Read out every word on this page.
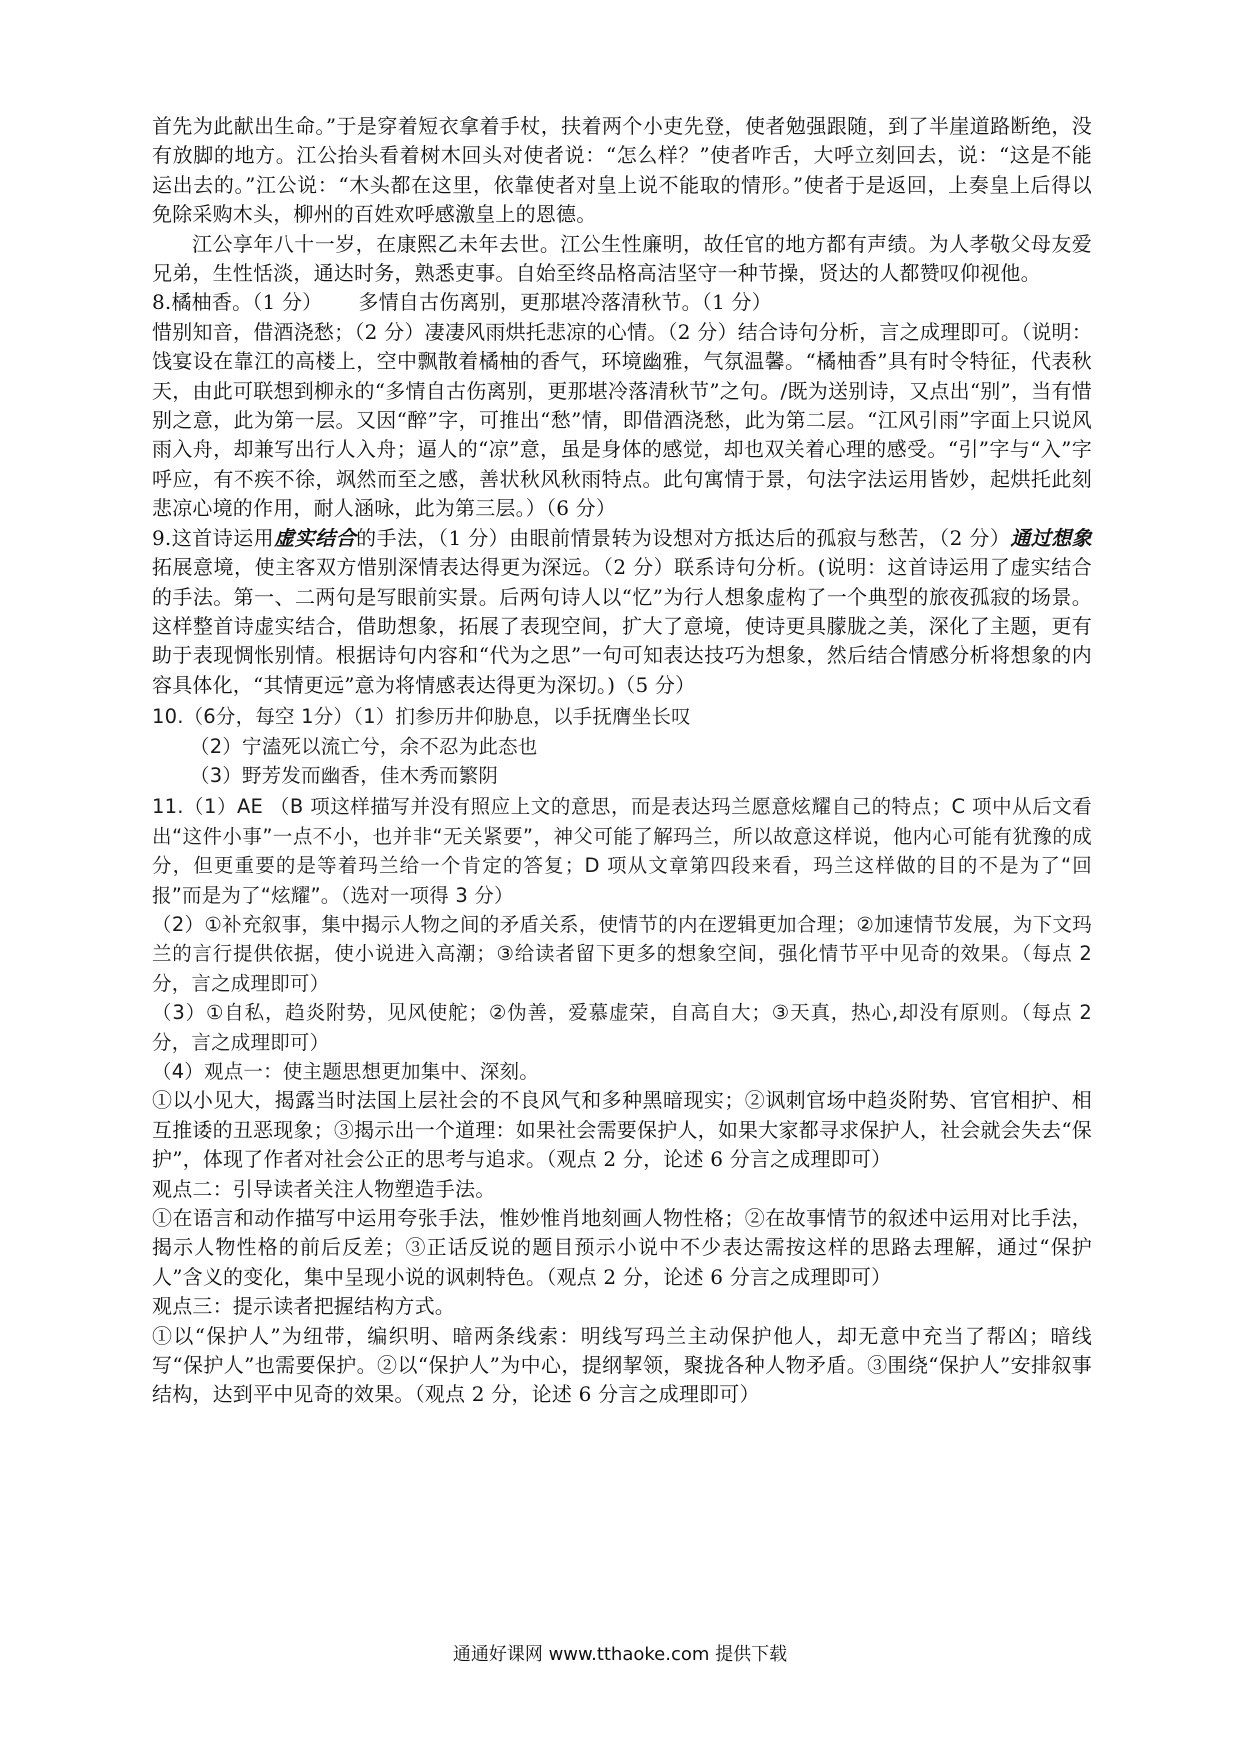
首先为此献出生命。”于是穿着短衣拿着手杖，扶着两个小吏先登，使者勉强跟随，到了半崖道路断绝，没有放脚的地方。江公抬头看着树木回头对使者说：“怎么样？”使者咋舌，大呼立刻回去，说：“这是不能运出去的。”江公说：“木头都在这里，依靠使者对皇上说不能取的情形。”使者于是返回，上奏皇上后得以免除采购木头，柳州的百姓欢呼感激皇上的恩德。

江公享年八十一岁，在康熙乙未年去世。江公生性廉明，故任官的地方都有声绩。为人孝敬父母友爱兄弟，生性恬淡，通达时务，熟悉吏事。自始至终品格高洁坚守一种节操，贤达的人都赞叹仰视他。

8.橘柚香。（1 分） 多情自古伤离别，更那堪冷落清秋节。（1 分）

惜别知音，借酒浇愁；（2 分）凄凄风雨烘托悲凉的心情。（2 分）结合诗句分析，言之成理即可。（说明：饯宴设在靠江的高楼上，空中飘散着橘柚的香气，环境幽雅，气氛温馨。“橘柚香”具有时令特征，代表秋天，由此可联想到柳永的“多情自古伤离别，更那堪冷落清秋节”之句。/既为送别诗，又点出“别”，当有惜别之意，此为第一层。又因“醉”字，可推出“愁”情，即借酒浇愁，此为第二层。“江风引雨”字面上只说风雨入舟，却兼写出行人入舟；逼人的“凉”意，虽是身体的感觉，却也双关着心理的感受。“引”字与“入”字呼应，有不疾不徐，飒然而至之感，善状秋风秋雨特点。此句寓情于景，句法字法运用皆妙，起烘托此刻悲凉心境的作用，耐人涵咏，此为第三层。）（6 分）

9.这首诗运用虚实结合的手法，（1 分）由眼前情景转为设想对方抵达后的孤寂与愁苦，（2 分）通过想象拓展意境，使主客双方惜别深情表达得更为深远。（2 分）联系诗句分析。(说明：这首诗运用了虚实结合的手法。第一、二两句是写眼前实景。后两句诗人以“忆”为行人想象虚构了一个典型的旅夜孤寂的场景。这样整首诗虚实结合，借助想象，拓展了表现空间，扩大了意境，使诗更具朦胧之美，深化了主题，更有助于表现惆怅别情。根据诗句内容和“代为之思”一句可知表达技巧为想象，然后结合情感分析将想象的内容具体化，“其情更远”意为将情感表达得更为深切。)（5 分）

10.（6分，每空 1分）（1）扪参历井仰胁息，以手抚膺坐长叹

（2）宁溘死以流亡兮，余不忍为此态也

（3）野芳发而幽香，佳木秀而繁阴

11.（1）AE （B 项这样描写并没有照应上文的意思，而是表达玛兰愿意炫耀自己的特点；C 项中从后文看出“这件小事”一点不小，也并非“无关紧要”，神父可能了解玛兰，所以故意这样说，他内心可能有犹豫的成分，但更重要的是等着玛兰给一个肯定的答复；D 项从文章第四段来看，玛兰这样做的目的不是为了“回报”而是为了“炫耀”。（选对一项得 3 分）

（2）①补充叙事，集中揭示人物之间的矛盾关系，使情节的内在逻辑更加合理；②加速情节发展，为下文玛兰的言行提供依据，使小说进入高潮；③给读者留下更多的想象空间，强化情节平中见奇的效果。（每点 2分，言之成理即可）

（3）①自私，趋炎附势，见风使舵；②伪善，爱慕虚荣，自高自大；③天真，热心,却没有原则。（每点 2分，言之成理即可）

（4）观点一：使主题思想更加集中、深刻。

①以小见大，揭露当时法国上层社会的不良风气和多种黑暗现实；②讽刺官场中趋炎附势、官官相护、相互推诿的丑恶现象；③揭示出一个道理：如果社会需要保护人，如果大家都寻求保护人，社会就会失去“保护”，体现了作者对社会公正的思考与追求。（观点 2 分，论述 6 分言之成理即可）

观点二：引导读者关注人物塑造手法。

①在语言和动作描写中运用夸张手法，惟妙惟肖地刻画人物性格；②在故事情节的叙述中运用对比手法，揭示人物性格的前后反差；③正话反说的题目预示小说中不少表达需按这样的思路去理解，通过“保护人”含义的变化，集中呈现小说的讽刺特色。（观点 2 分，论述 6 分言之成理即可）

观点三：提示读者把握结构方式。

①以“保护人”为纽带，编织明、暗两条线索：明线写玛兰主动保护他人，却无意中充当了帮凶；暗线写“保护人”也需要保护。②以“保护人”为中心，提纲挈领，聚拢各种人物矛盾。③围绕“保护人”安排叙事结构，达到平中见奇的效果。（观点 2 分，论述 6 分言之成理即可）

通通好课网 www.tthaoke.com 提供下载
